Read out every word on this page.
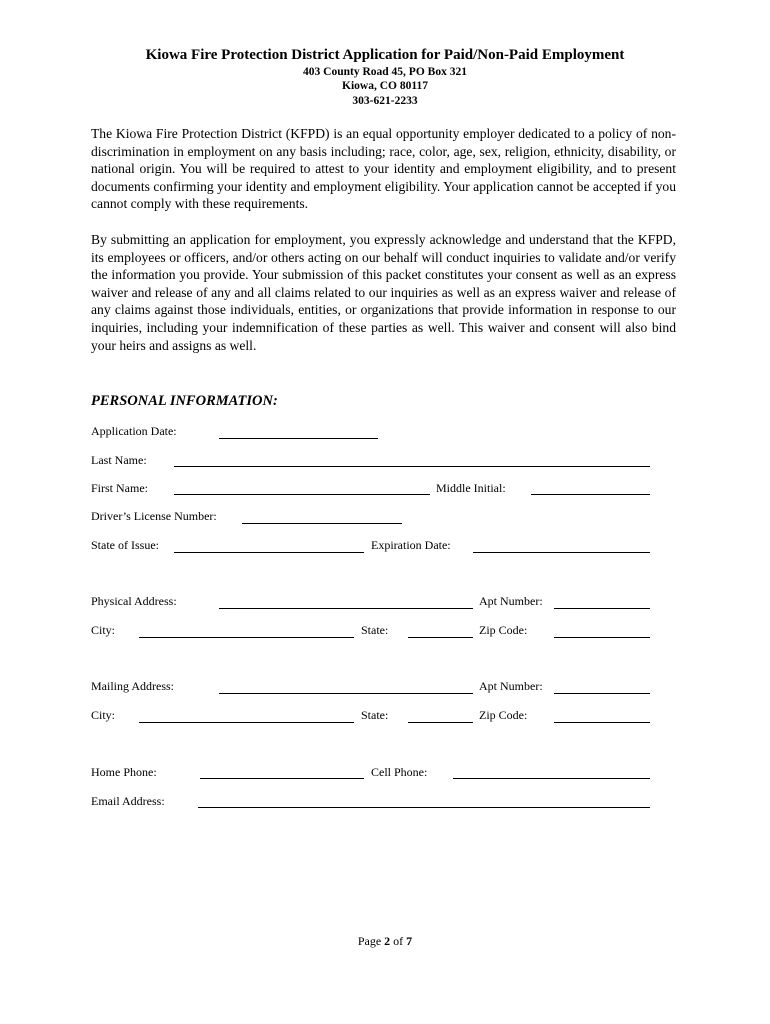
Kiowa Fire Protection District Application for Paid/Non-Paid Employment
403 County Road 45, PO Box 321
Kiowa, CO 80117
303-621-2233

The Kiowa Fire Protection District (KFPD) is an equal opportunity employer dedicated to a policy of non-discrimination in employment on any basis including; race, color, age, sex, religion, ethnicity, disability, or national origin. You will be required to attest to your identity and employment eligibility, and to present documents confirming your identity and employment eligibility. Your application cannot be accepted if you cannot comply with these requirements.

By submitting an application for employment, you expressly acknowledge and understand that the KFPD, its employees or officers, and/or others acting on our behalf will conduct inquiries to validate and/or verify the information you provide. Your submission of this packet constitutes your consent as well as an express waiver and release of any and all claims related to our inquiries as well as an express waiver and release of any claims against those individuals, entities, or organizations that provide information in response to our inquiries, including your indemnification of these parties as well. This waiver and consent will also bind your heirs and assigns as well.

PERSONAL INFORMATION:
Application Date:
Last Name:
First Name:	Middle Initial:
Driver’s License Number:
State of Issue:	Expiration Date:
Physical Address:	Apt Number:
City:	State:	Zip Code:
Mailing Address:	Apt Number:
City:	State:	Zip Code:
Home Phone:	Cell Phone:
Email Address:
Page 2 of 7
